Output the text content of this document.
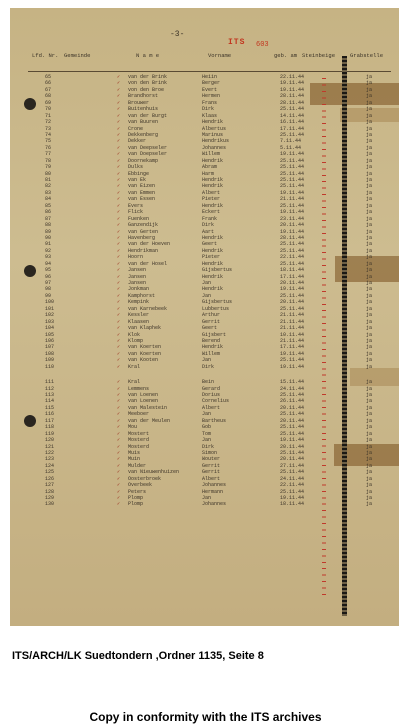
-3-
ITS 603
Lfd. Nr. Gemeinde	N a m e	Vorname	geb. am Steinbeige	Grabstelle
✓
65	van der Brink	Heiin	22.11.44	ja
✓
66	von den Brink	Berger	19.11.44	ja
✓
67	von den Broe	Evert	19.11.44	ja
✓
68	Brandhorst	Hermen	28.11.44	ja
✓
69	Brouwer	Frans	28.11.44	ja
✓
70	Buitenhuis	Dirk	25.11.44	ja
✓
71	van der Burgt	Klaas	14.11.44	ja
✓
72	van Buuren	Hendrik	16.11.44	ja
✓
73	Crone	Albertus	17.11.44	ja
✓
74	Dekkenberg	Marinus	25.11.44	ja
✓
75	Dekker	Hendrikus	7.11.44	ja
✓
76	van Deepseler	Johannes	5.11.44	ja
✓
77	van Doepseler	Willem	19.11.44	ja
✓
78	Doornekamp	Hendrik	25.11.44	ja
✓
79	Dulks	Abram	25.11.44	ja
✓
80	Ebbinge	Harm	25.11.44	ja
✓
81	van Ek	Hendrik	25.11.44	ja
✓
82	van Eizen	Hendrik	25.11.44	ja
✓
83	van Emmen	Albert	19.11.44	ja
✓
84	van Essen	Pieter	21.11.44	ja
✓
85	Evers	Hendrik	25.11.44	ja
✓
86	Flick	Eckert	19.11.44	ja
✓
87	Fuenken	Frank	23.11.44	ja
✓
88	Ganzendijk	Dirk	20.11.44	ja
✓
89	van Gerten	Aart	19.11.44	ja
✓
90	Havenberg	Hendrik	28.11.44	ja
✓
91	van der Hoeven	Geert	25.11.44	ja
✓
92	Hendrikman	Hendrik	25.11.44	ja
✓
93	Hoorn	Pieter	22.11.44	ja
✓
94	van der Hosel	Hendrik	25.11.44	ja
✓
95	Jansen	Gijsbertus	18.11.44	ja
✓
96	Jansen	Hendrik	17.11.44	ja
✓
97	Jansen	Jan	20.11.44	ja
✓
98	Jonkman	Hendrik	19.11.44	ja
✓
99	Kamphorst	Jan	25.11.44	ja
✓
100	Kempink	Gijsbertus	20.11.44	ja
✓
101	van Karnebeek	Lubbertus	25.11.44	ja
✓
102	Kessler	Arthur	21.11.44	ja
✓
103	Klaasen	Gerrit	21.11.44	ja
✓
104	van Klaphek	Geert	21.11.44	ja
✓
105	Klok	Gijsbert	10.11.44	ja
✓
106	Klomp	Berend	21.11.44	ja
✓
107	van Koerten	Hendrik	17.11.44	ja
✓
108	van Koerten	Willem	19.11.44	ja
✓
109	van Kooten	Jan	25.11.44	ja
✓
110	Kral	Dirk	19.11.44	ja
✓
111	Kral	Bein	15.11.44	ja
✓
112	Lemmens	Gerard	24.11.44	ja
✓
113	van Loenen	Dorius	25.11.44	ja
✓
114	van Loenen	Cornelius	26.11.44	ja
✓
115	van Malestein	Albert	20.11.44	ja
✓
116	Meeboer	Jan	25.11.44	ja
✓
117	van der Meulen	Bartheus	20.11.44	ja
✓
118	Mou	Gob	25.11.44	ja
✓
119	Mostert	Tom	25.11.44	ja
✓
120	Mosterd	Jan	19.11.44	ja
✓
121	Mosterd	Dirk	20.11.44	ja
✓
122	Muis	Simon	25.11.44	ja
✓
123	Muin	Wouter	20.11.44	ja
✓
124	Mulder	Gerrit	27.11.44	ja
✓
125	van Nieuwenhuizen	Gerrit	25.11.44	ja
✓
126	Oosterbroek	Albert	24.11.44	ja
✓
127	Overbeek	Johannes	22.11.44	ja
✓
128	Peters	Hermann	25.11.44	ja
✓
129	Plomp	Jan	19.11.44	ja
✓
130	Plomp	Johannes	18.11.44	ja
ITS/ARCH/LK Suedtondern ,Ordner 1135, Seite 8
Copy in conformity with the ITS archives
